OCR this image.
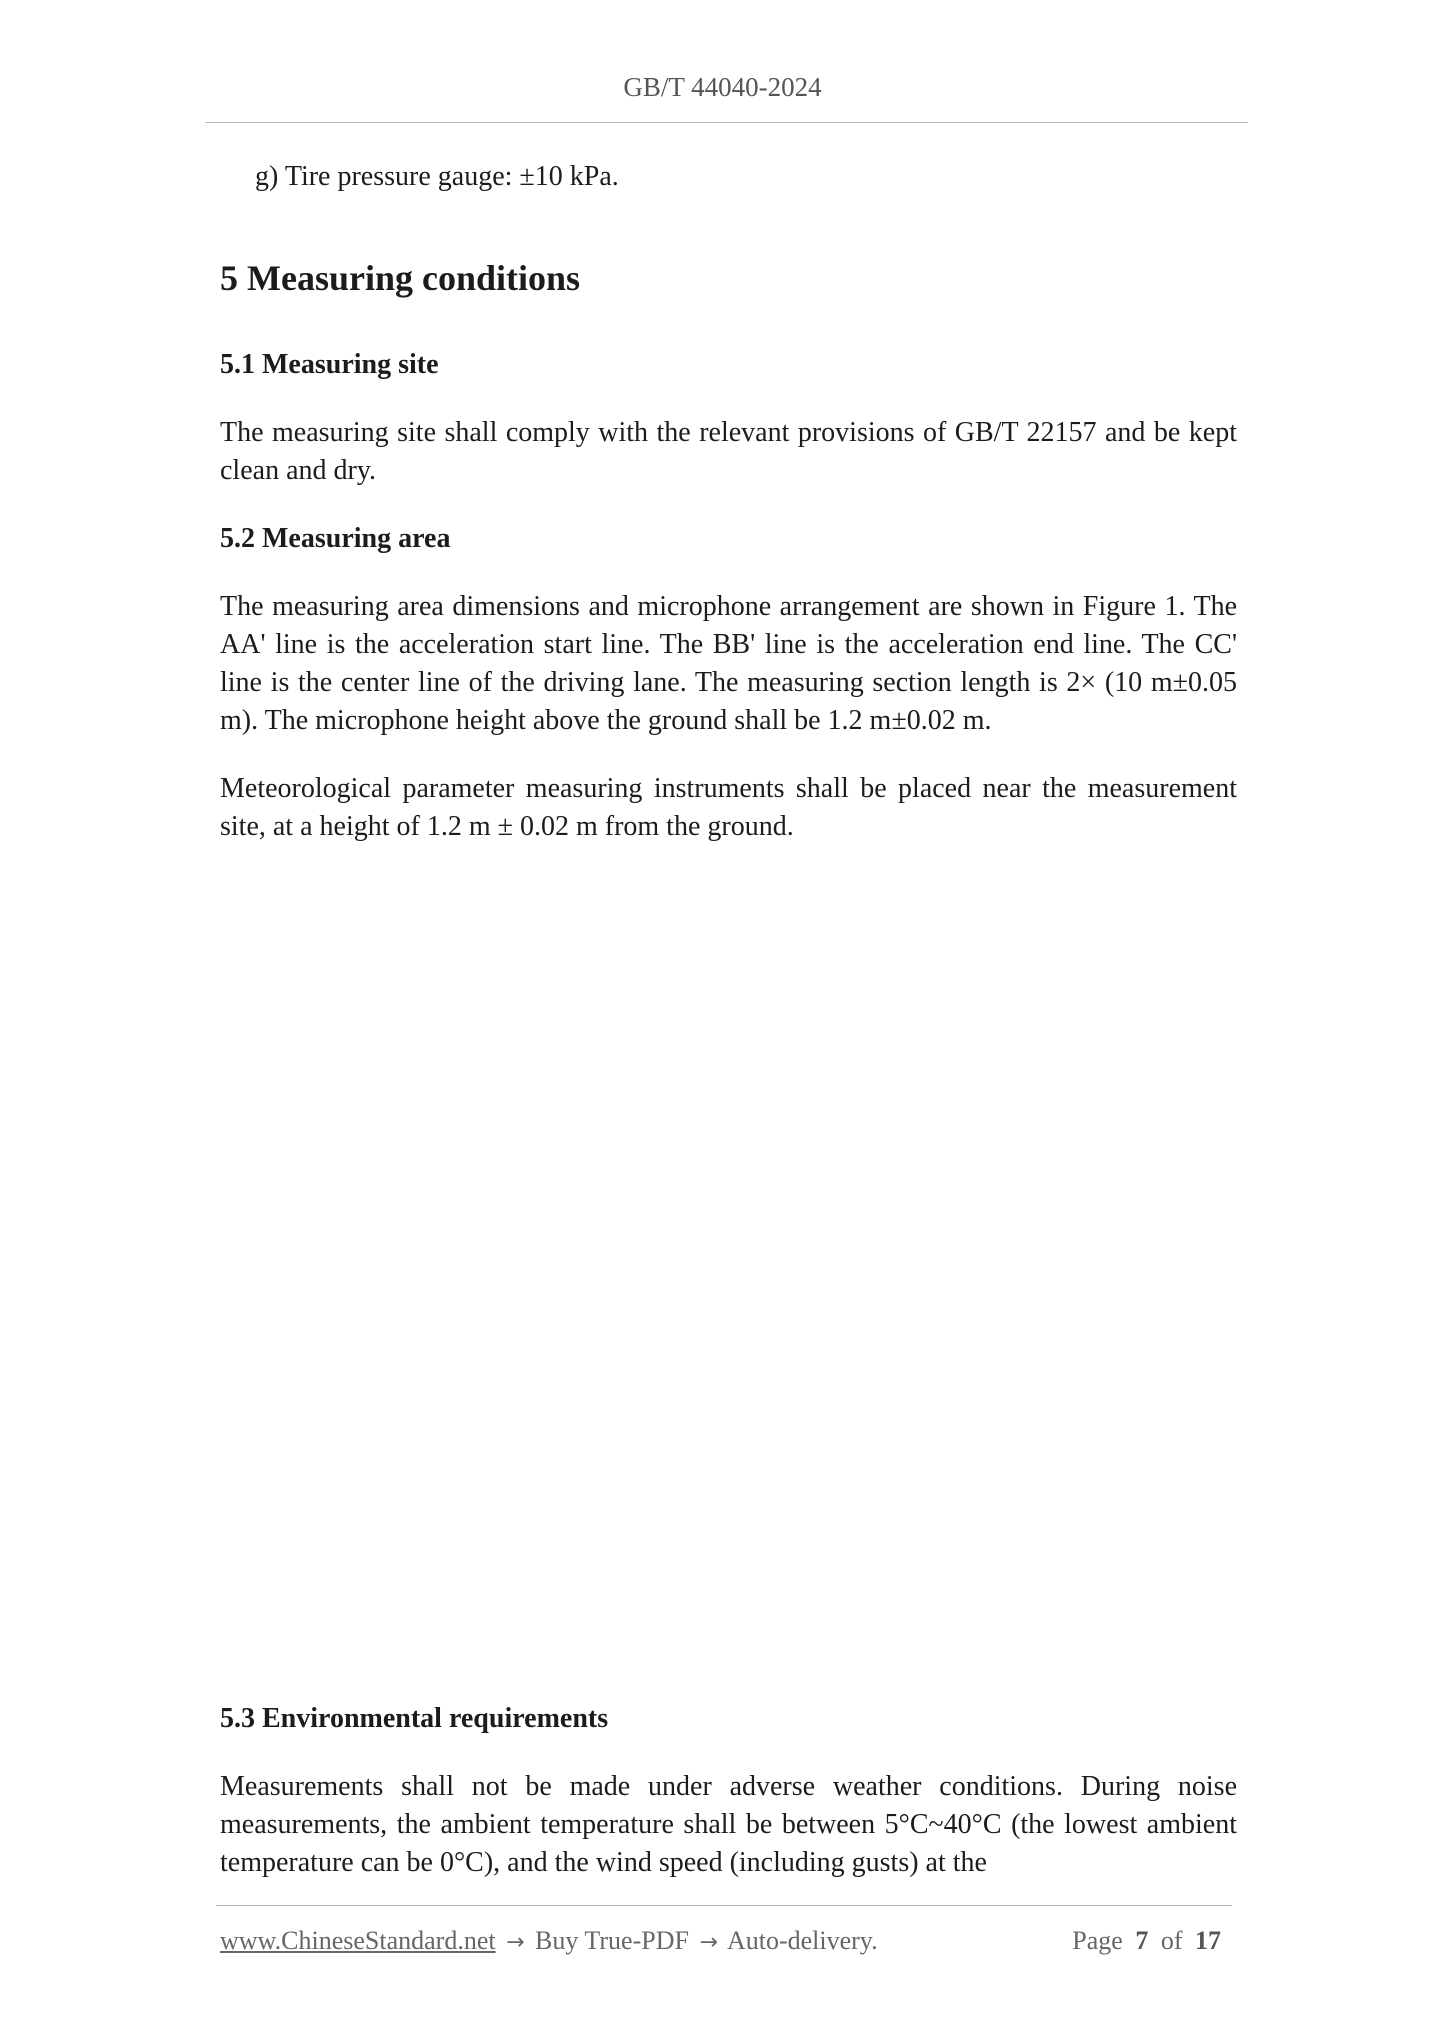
GB/T 44040-2024
g) Tire pressure gauge: ±10 kPa.
5 Measuring conditions
5.1 Measuring site
The measuring site shall comply with the relevant provisions of GB/T 22157 and be kept clean and dry.
5.2 Measuring area
The measuring area dimensions and microphone arrangement are shown in Figure 1. The AA' line is the acceleration start line. The BB' line is the acceleration end line. The CC' line is the center line of the driving lane. The measuring section length is 2× (10 m±0.05 m). The microphone height above the ground shall be 1.2 m±0.02 m.
Meteorological parameter measuring instruments shall be placed near the measurement site, at a height of 1.2 m ± 0.02 m from the ground.
5.3 Environmental requirements
Measurements shall not be made under adverse weather conditions. During noise measurements, the ambient temperature shall be between 5°C~40°C (the lowest ambient temperature can be 0°C), and the wind speed (including gusts) at the
www.ChineseStandard.net → Buy True-PDF → Auto-delivery.	Page 7 of 17
